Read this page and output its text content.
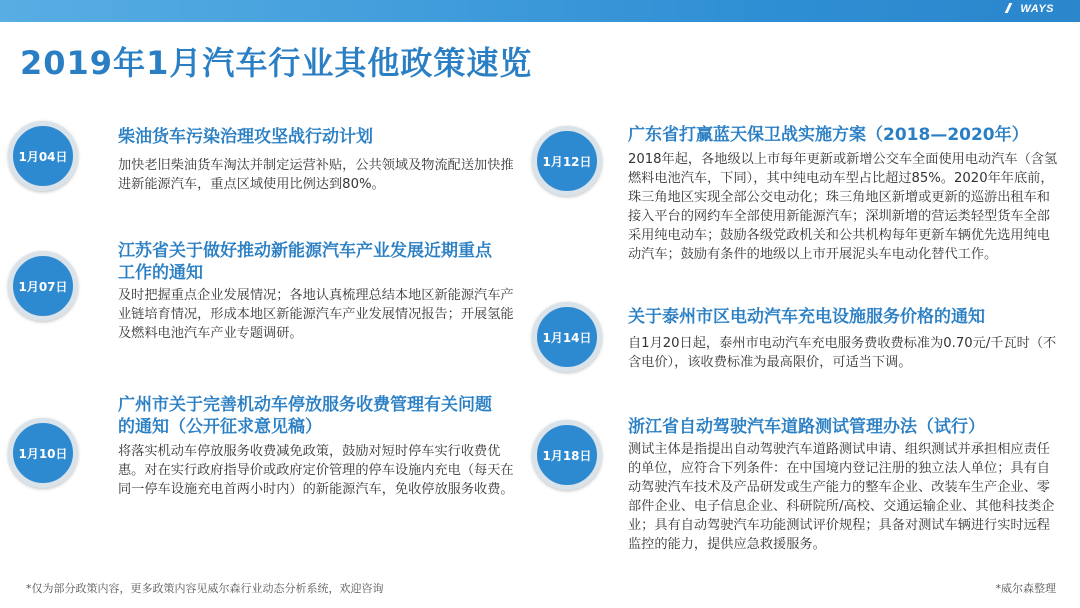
WAYS
2019年1月汽车行业其他政策速览
1月04日
柴油货车污染治理攻坚战行动计划
加快老旧柴油货车淘汰并制定运营补贴，公共领域及物流配送加快推进新能源汽车，重点区域使用比例达到80%。
1月07日
江苏省关于做好推动新能源汽车产业发展近期重点工作的通知
及时把握重点企业发展情况；各地认真梳理总结本地区新能源汽车产业链培育情况，形成本地区新能源汽车产业发展情况报告；开展氢能及燃料电池汽车产业专题调研。
1月10日
广州市关于完善机动车停放服务收费管理有关问题的通知（公开征求意见稿）
将落实机动车停放服务收费减免政策，鼓励对短时停车实行收费优惠。对在实行政府指导价或政府定价管理的停车设施内充电（每天在同一停车设施充电首两小时内）的新能源汽车，免收停放服务收费。
1月12日
广东省打赢蓝天保卫战实施方案（2018—2020年）
2018年起，各地级以上市每年更新或新增公交车全面使用电动汽车（含氢燃料电池汽车，下同），其中纯电动车型占比超过85%。2020年年底前，珠三角地区实现全部公交电动化；珠三角地区新增或更新的巡游出租车和接入平台的网约车全部使用新能源汽车；深圳新增的营运类轻型货车全部采用纯电动车；鼓励各级党政机关和公共机构每年更新车辆优先选用纯电动汽车；鼓励有条件的地级以上市开展泥头车电动化替代工作。
1月14日
关于泰州市区电动汽车充电设施服务价格的通知
自1月20日起，泰州市电动汽车充电服务费收费标准为0.70元/千瓦时（不含电价），该收费标准为最高限价，可适当下调。
1月18日
浙江省自动驾驶汽车道路测试管理办法（试行）
测试主体是指提出自动驾驶汽车道路测试申请、组织测试并承担相应责任的单位，应符合下列条件：在中国境内登记注册的独立法人单位；具有自动驾驶汽车技术及产品研发或生产能力的整车企业、改装车生产企业、零部件企业、电子信息企业、科研院所/高校、交通运输企业、其他科技类企业；具有自动驾驶汽车功能测试评价规程；具备对测试车辆进行实时远程监控的能力，提供应急救援服务。
*仅为部分政策内容，更多政策内容见威尔森行业动态分析系统，欢迎咨询	*威尔森整理
